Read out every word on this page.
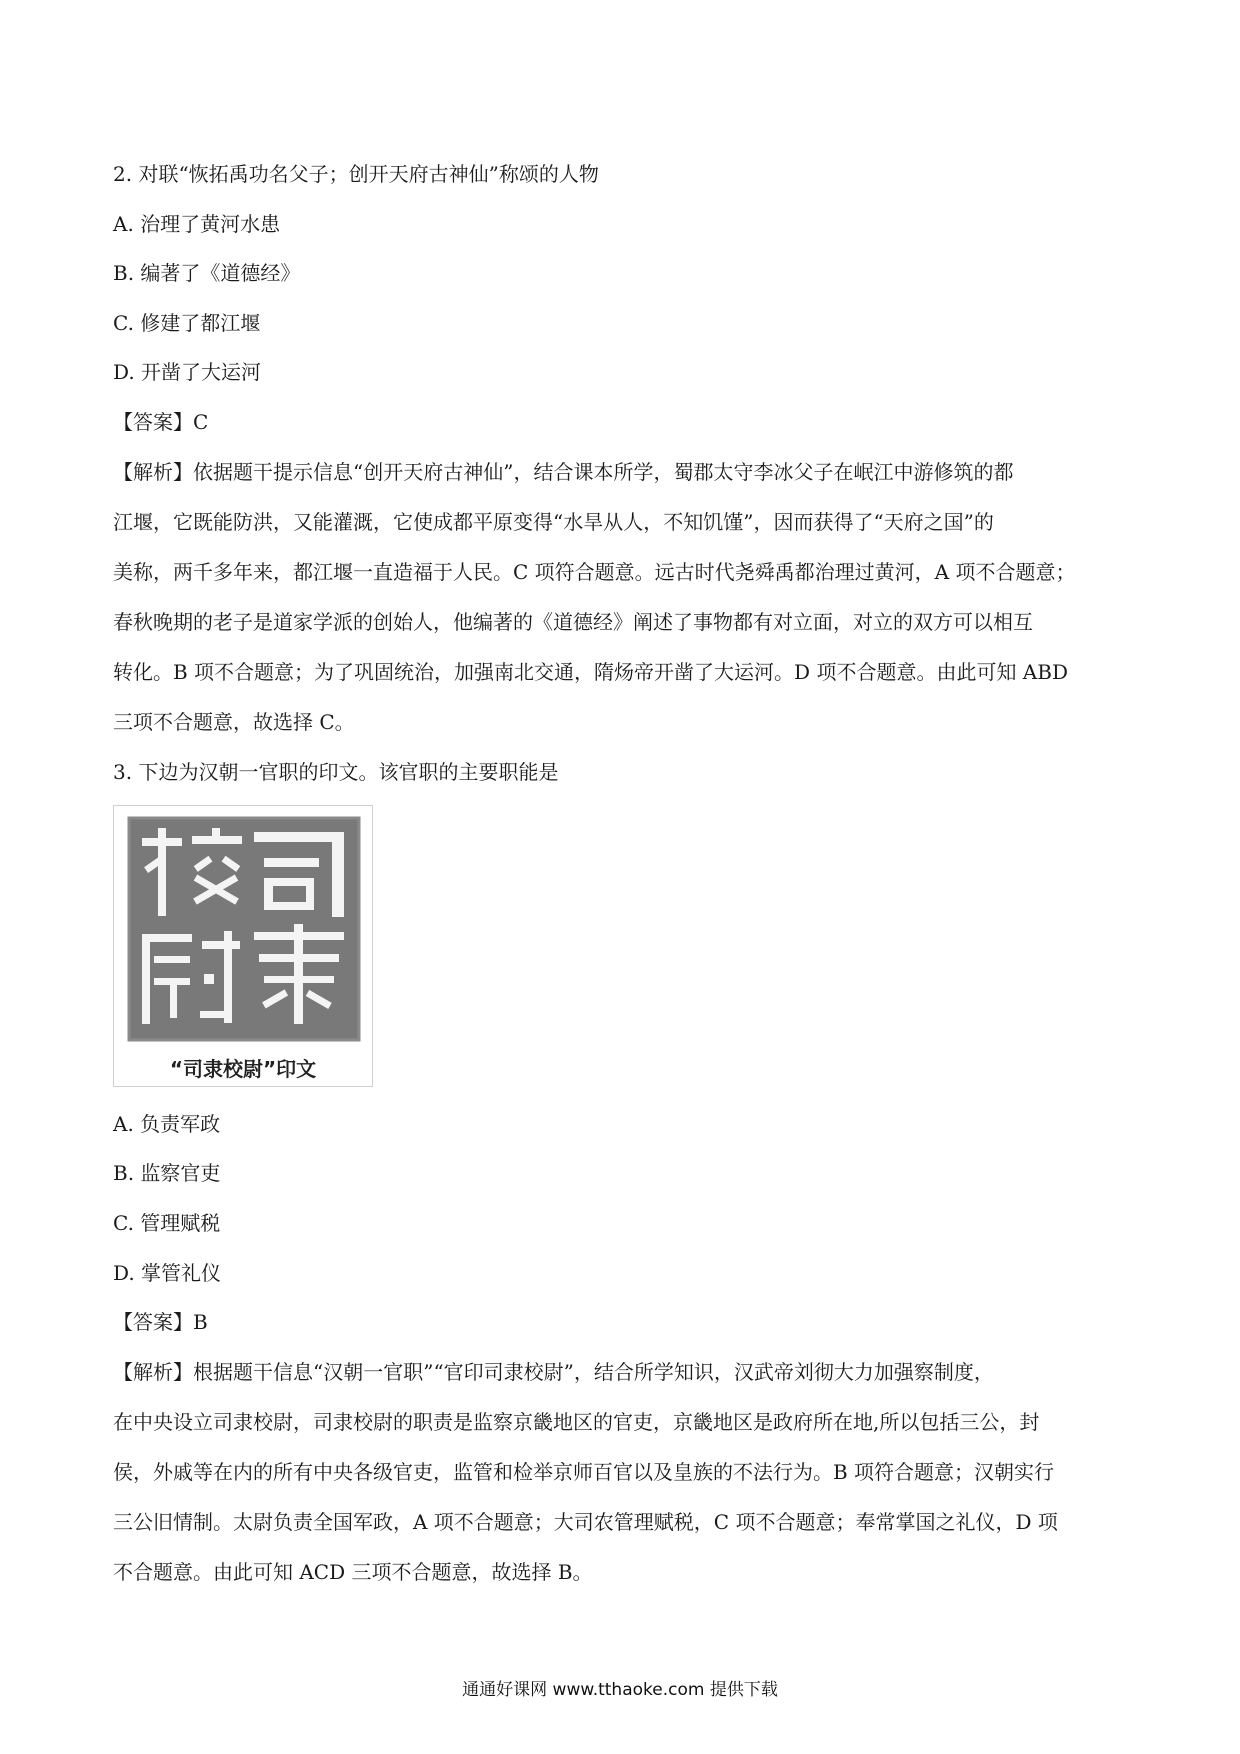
2. 对联“恢拓禹功名父子；创开天府古神仙”称颂的人物
A. 治理了黄河水患
B. 编著了《道德经》
C. 修建了都江堰
D. 开凿了大运河
【答案】C

【解析】依据题干提示信息“创开天府古神仙”，结合课本所学，蜀郡太守李冰父子在岷江中游修筑的都

江堰，它既能防洪，又能灌溉，它使成都平原变得“水旱从人，不知饥馑”，因而获得了“天府之国”的

美称，两千多年来，都江堰一直造福于人民。C 项符合题意。远古时代尧舜禹都治理过黄河，A 项不合题意；

春秋晚期的老子是道家学派的创始人，他编著的《道德经》阐述了事物都有对立面，对立的双方可以相互

转化。B 项不合题意；为了巩固统治，加强南北交通，隋炀帝开凿了大运河。D 项不合题意。由此可知 ABD

三项不合题意，故选择 C。

3. 下边为汉朝一官职的印文。该官职的主要职能是
“司隶校尉”印文
A. 负责军政
B. 监察官吏
C. 管理赋税
D. 掌管礼仪
【答案】B

【解析】根据题干信息“汉朝一官职”“官印司隶校尉”，结合所学知识，汉武帝刘彻大力加强察制度，

在中央设立司隶校尉，司隶校尉的职责是监察京畿地区的官吏，京畿地区是政府所在地,所以包括三公，封

侯，外戚等在内的所有中央各级官吏，监管和检举京师百官以及皇族的不法行为。B 项符合题意；汉朝实行

三公旧情制。太尉负责全国军政，A 项不合题意；大司农管理赋税，C 项不合题意；奉常掌国之礼仪，D 项

不合题意。由此可知 ACD 三项不合题意，故选择 B。

通通好课网 www.tthaoke.com 提供下载
